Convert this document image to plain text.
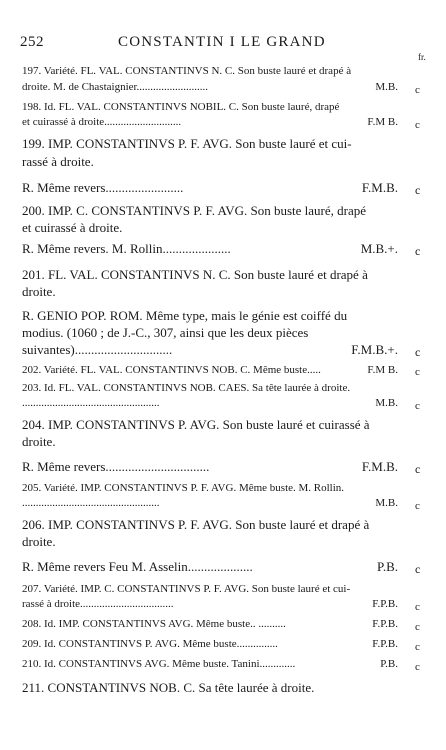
252	CONSTANTIN I LE GRAND
fr.
197. Variété. FL. VAL. CONSTANTINVS N. C. Son buste lauré et drapé à
droite. M. de Chastaignier..........................	M.B. c
198. Id. FL. VAL. CONSTANTINVS NOBIL. C. Son buste lauré, drapé
et cuirassé à droite............................	F.M B. c
199. IMP. CONSTANTINVS P. F. AVG. Son buste lauré et cui-
rassé à droite.
R. Même revers........................	F.M.B. c
200. IMP. C. CONSTANTINVS P. F. AVG. Son buste lauré, drapé
et cuirassé à droite.
R. Même revers. M. Rollin.....................	M.B.+. c
201. FL. VAL. CONSTANTINVS N. C. Son buste lauré et drapé à
droite.
R. GENIO POP. ROM. Même type, mais le génie est coiffé du
modius. (1060 ; de J.-C., 307, ainsi que les deux pièces
suivantes)..............................	F.M.B.+. c
202. Variété. FL. VAL. CONSTANTINVS NOB. C. Même buste.....	F.M B. c
203. Id. FL. VAL. CONSTANTINVS NOB. CAES. Sa tête laurée à droite.
..................................................	M.B. c
204. IMP. CONSTANTINVS P. AVG. Son buste lauré et cuirassé à
droite.
R. Même revers................................	F.M.B. c
205. Variété. IMP. CONSTANTINVS P. F. AVG. Même buste. M. Rollin.
..................................................	M.B. c
206. IMP. CONSTANTINVS P. F. AVG. Son buste lauré et drapé à
droite.
R. Même revers Feu M. Asselin....................	P.B. c
207. Variété. IMP. C. CONSTANTINVS P. F. AVG. Son buste lauré et cui-
rassé à droite..................................	F.P.B. c
208. Id. IMP. CONSTANTINVS AVG. Même buste.. ..........	F.P.B. c
209. Id. CONSTANTINVS P. AVG. Même buste...............	F.P.B. c
210. Id. CONSTANTINVS AVG. Même buste. Tanini.............	P.B. c
211. CONSTANTINVS NOB. C. Sa tête laurée à droite.
